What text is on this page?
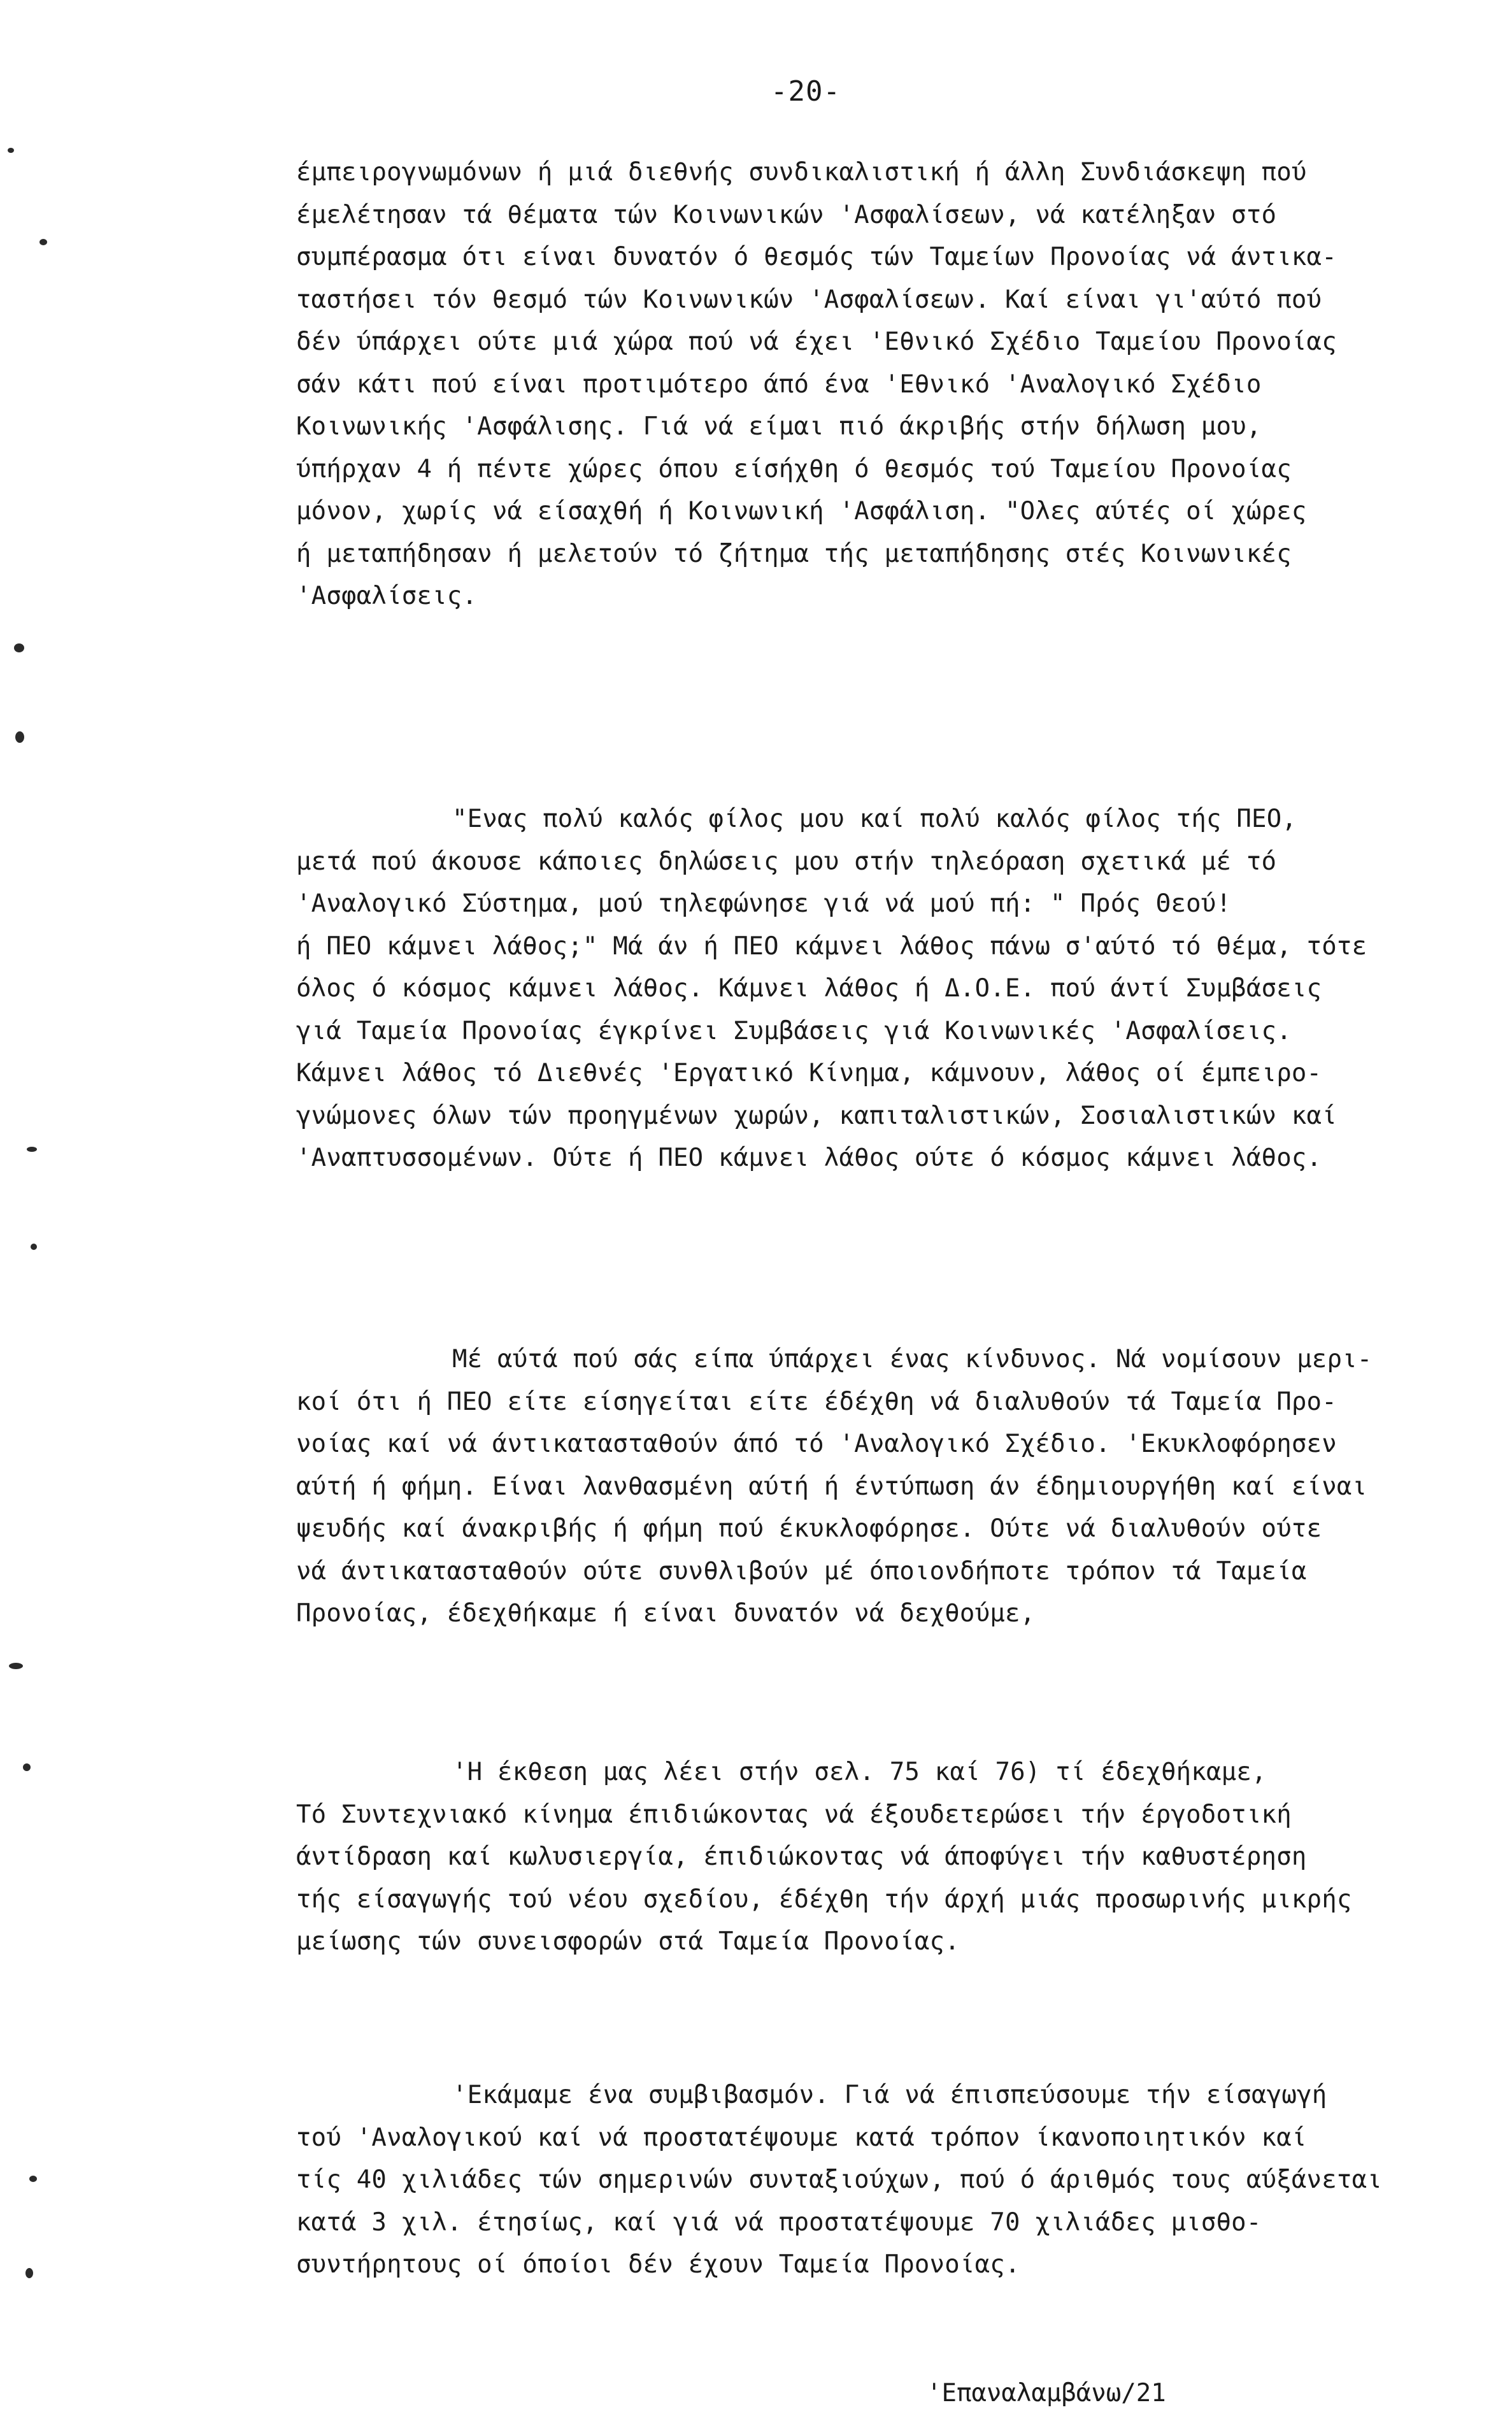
-20-
έμπειρογνωμόνων ή μιά διεθνής συνδικαλιστική ή άλλη Συνδιάσκεψη πού
έμελέτησαν τά θέματα τών Κοινωνικών 'Ασφαλίσεων, νά κατέληξαν στό
συμπέρασμα ότι είναι δυνατόν ό θεσμός τών Ταμείων Προνοίας νά άντικα-
ταστήσει τόν θεσμό τών Κοινωνικών 'Ασφαλίσεων. Καί είναι γι'αύτό πού
δέν ύπάρχει ούτε μιά χώρα πού νά έχει 'Εθνικό Σχέδιο Ταμείου Προνοίας
σάν κάτι πού είναι προτιμότερο άπό ένα 'Εθνικό 'Αναλογικό Σχέδιο
Κοινωνικής 'Ασφάλισης. Γιά νά είμαι πιό άκριβής στήν δήλωση μου,
ύπήρχαν 4 ή πέντε χώρες όπου είσήχθη ό θεσμός τού Ταμείου Προνοίας
μόνον, χωρίς νά είσαχθή ή Κοινωνική 'Ασφάλιση. "Ολες αύτές οί χώρες
ή μεταπήδησαν ή μελετούν τό ζήτημα τής μεταπήδησης στές Κοινωνικές
'Ασφαλίσεις.
"Ενας πολύ καλός φίλος μου καί πολύ καλός φίλος τής ΠΕΟ,
μετά πού άκουσε κάποιες δηλώσεις μου στήν τηλεόραση σχετικά μέ τό
'Αναλογικό Σύστημα, μού τηλεφώνησε γιά νά μού πή: " Πρός Θεού!
ή ΠΕΟ κάμνει λάθος;" Μά άν ή ΠΕΟ κάμνει λάθος πάνω σ'αύτό τό θέμα, τότε
όλος ό κόσμος κάμνει λάθος. Κάμνει λάθος ή Δ.Ο.Ε. πού άντί Συμβάσεις
γιά Ταμεία Προνοίας έγκρίνει Συμβάσεις γιά Κοινωνικές 'Ασφαλίσεις.
Κάμνει λάθος τό Διεθνές 'Εργατικό Κίνημα, κάμνουν, λάθος οί έμπειρο-
γνώμονες όλων τών προηγμένων χωρών, καπιταλιστικών, Σοσιαλιστικών καί
'Αναπτυσσομένων. Ούτε ή ΠΕΟ κάμνει λάθος ούτε ό κόσμος κάμνει λάθος.
Μέ αύτά πού σάς είπα ύπάρχει ένας κίνδυνος. Νά νομίσουν μερι-
κοί ότι ή ΠΕΟ είτε είσηγείται είτε έδέχθη νά διαλυθούν τά Ταμεία Προ-
νοίας καί νά άντικατασταθούν άπό τό 'Αναλογικό Σχέδιο. 'Εκυκλοφόρησεν
αύτή ή φήμη. Είναι λανθασμένη αύτή ή έντύπωση άν έδημιουργήθη καί είναι
ψευδής καί άνακριβής ή φήμη πού έκυκλοφόρησε. Ούτε νά διαλυθούν ούτε
νά άντικατασταθούν ούτε συνθλιβούν μέ όποιονδήποτε τρόπον τά Ταμεία
Προνοίας, έδεχθήκαμε ή είναι δυνατόν νά δεχθούμε,
'Η έκθεση μας λέει στήν σελ. 75 καί 76) τί έδεχθήκαμε,
Τό Συντεχνιακό κίνημα έπιδιώκοντας νά έξουδετερώσει τήν έργοδοτική
άντίδραση καί κωλυσιεργία, έπιδιώκοντας νά άποφύγει τήν καθυστέρηση
τής είσαγωγής τού νέου σχεδίου, έδέχθη τήν άρχή μιάς προσωρινής μικρής
μείωσης τών συνεισφορών στά Ταμεία Προνοίας.
'Εκάμαμε ένα συμβιβασμόν. Γιά νά έπισπεύσουμε τήν είσαγωγή
τού 'Αναλογικού καί νά προστατέψουμε κατά τρόπον ίκανοποιητικόν καί
τίς 40 χιλιάδες τών σημερινών συνταξιούχων, πού ό άριθμός τους αύξάνεται
κατά 3 χιλ. έτησίως, καί γιά νά προστατέψουμε 70 χιλιάδες μισθο-
συντήρητους οί όποίοι δέν έχουν Ταμεία Προνοίας.
'Επαναλαμβάνω/21
